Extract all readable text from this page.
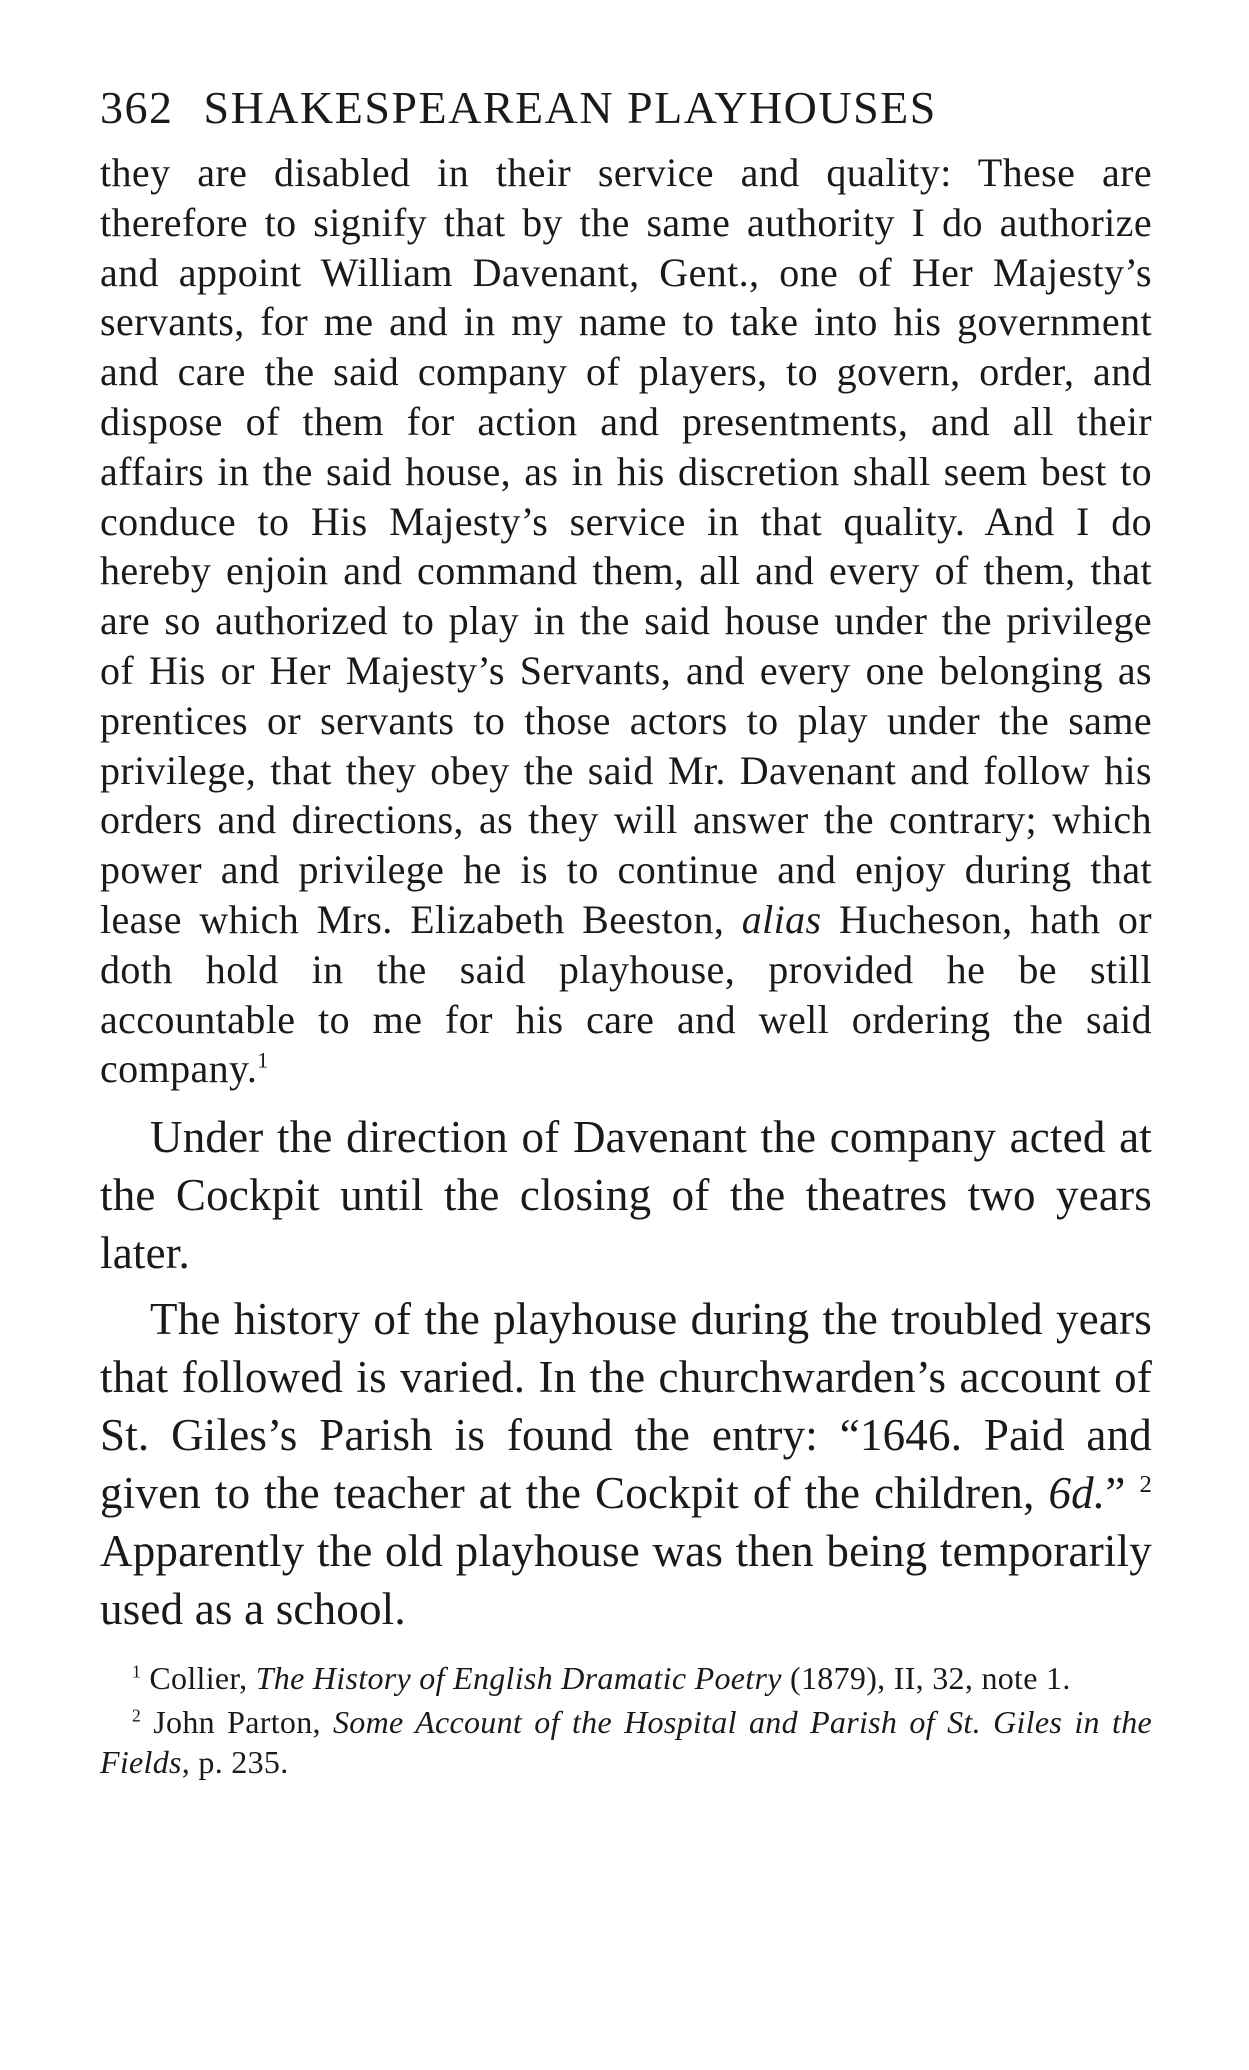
362 SHAKESPEAREAN PLAYHOUSES

they are disabled in their service and quality: These are therefore to signify that by the same authority I do authorize and appoint William Davenant, Gent., one of Her Majesty’s servants, for me and in my name to take into his government and care the said company of players, to govern, order, and dispose of them for action and presentments, and all their affairs in the said house, as in his discretion shall seem best to conduce to His Majesty’s service in that quality. And I do hereby enjoin and command them, all and every of them, that are so authorized to play in the said house under the privilege of His or Her Majesty’s Servants, and every one belonging as prentices or servants to those actors to play under the same privilege, that they obey the said Mr. Davenant and follow his orders and directions, as they will answer the contrary; which power and privilege he is to continue and enjoy during that lease which Mrs. Elizabeth Beeston, alias Hucheson, hath or doth hold in the said playhouse, provided he be still accountable to me for his care and well ordering the said company.$^1$

Under the direction of Davenant the company acted at the Cockpit until the closing of the theatres two years later.

The history of the playhouse during the troubled years that followed is varied. In the churchwarden’s account of St. Giles’s Parish is found the entry: “1646. Paid and given to the teacher at the Cockpit of the children, 6d.” $^2$ Apparently the old playhouse was then being temporarily used as a school.

$^1$ Collier, The History of English Dramatic Poetry (1879), II, 32, note 1.

$^2$ John Parton, Some Account of the Hospital and Parish of St. Giles in the Fields, p. 235.
